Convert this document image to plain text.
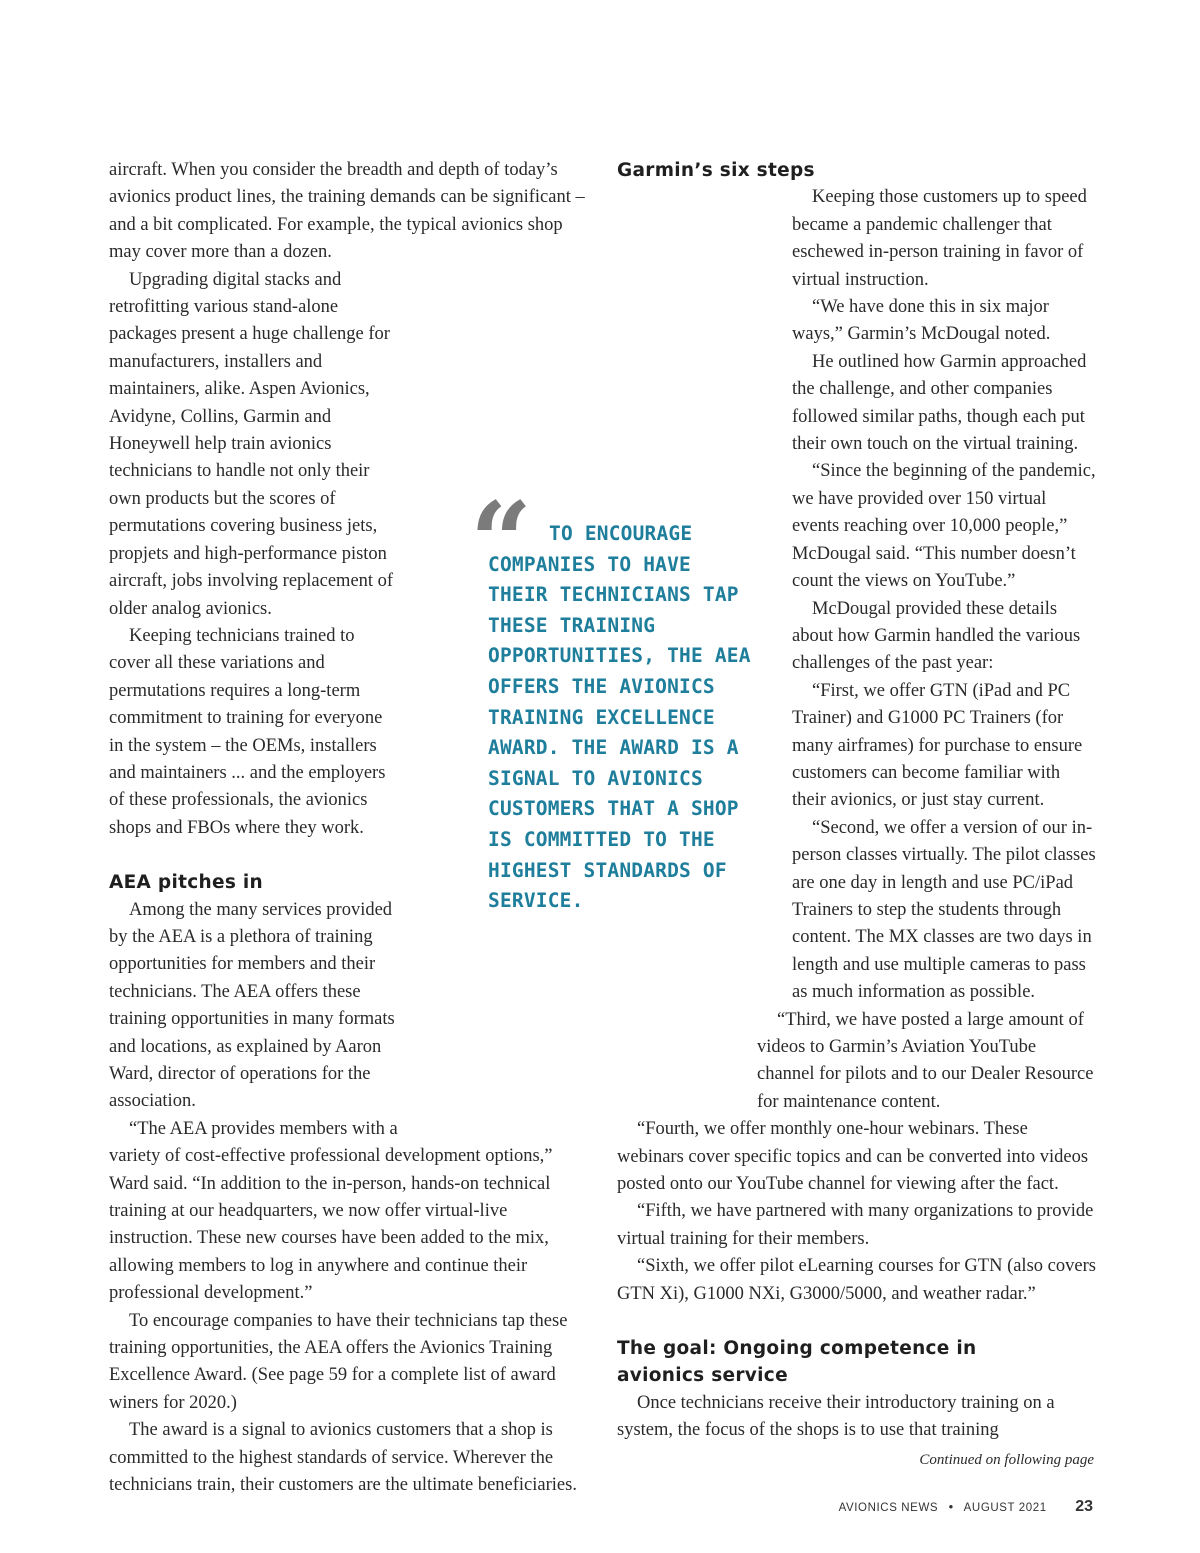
aircraft. When you consider the breadth and depth of today’s avionics product lines, the training demands can be significant – and a bit complicated. For example, the typical avionics shop may cover more than a dozen.

Upgrading digital stacks and retrofitting various stand-alone packages present a huge challenge for manufacturers, installers and maintainers, alike. Aspen Avionics, Avidyne, Collins, Garmin and Honeywell help train avionics technicians to handle not only their own products but the scores of permutations covering business jets, propjets and high-performance piston aircraft, jobs involving replacement of older analog avionics.

Keeping technicians trained to cover all these variations and permutations requires a long-term commitment to training for everyone in the system – the OEMs, installers and maintainers ... and the employers of these professionals, the avionics shops and FBOs where they work.

AEA pitches in

Among the many services provided by the AEA is a plethora of training opportunities for members and their technicians. The AEA offers these training opportunities in many formats and locations, as explained by Aaron Ward, director of operations for the association.

“The AEA provides members with a variety of cost-effective professional development options,” Ward said. “In addition to the in-person, hands-on technical training at our headquarters, we now offer virtual-live instruction. These new courses have been added to the mix, allowing members to log in anywhere and continue their professional development.”

To encourage companies to have their technicians tap these training opportunities, the AEA offers the Avionics Training Excellence Award. (See page 59 for a complete list of award winers for 2020.)

The award is a signal to avionics customers that a shop is committed to the highest standards of service. Wherever the technicians train, their customers are the ultimate beneficiaries.

“ TO ENCOURAGE COMPANIES TO HAVE THEIR TECHNICIANS TAP THESE TRAINING OPPORTUNITIES, THE AEA OFFERS THE AVIONICS TRAINING EXCELLENCE AWARD. THE AWARD IS A SIGNAL TO AVIONICS CUSTOMERS THAT A SHOP IS COMMITTED TO THE HIGHEST STANDARDS OF SERVICE.
Garmin’s six steps

Keeping those customers up to speed became a pandemic challenger that eschewed in-person training in favor of virtual instruction.

“We have done this in six major ways,” Garmin’s McDougal noted.

He outlined how Garmin approached the challenge, and other companies followed similar paths, though each put their own touch on the virtual training.

“Since the beginning of the pandemic, we have provided over 150 virtual events reaching over 10,000 people,” McDougal said. “This number doesn’t count the views on YouTube.”

McDougal provided these details about how Garmin handled the various challenges of the past year:

“First, we offer GTN (iPad and PC Trainer) and G1000 PC Trainers (for many airframes) for purchase to ensure customers can become familiar with their avionics, or just stay current.

“Second, we offer a version of our in-person classes virtually. The pilot classes are one day in length and use PC/iPad Trainers to step the students through content. The MX classes are two days in length and use multiple cameras to pass as much information as possible.

“Third, we have posted a large amount of videos to Garmin’s Aviation YouTube channel for pilots and to our Dealer Resource for maintenance content.

“Fourth, we offer monthly one-hour webinars. These webinars cover specific topics and can be converted into videos posted onto our YouTube channel for viewing after the fact.

“Fifth, we have partnered with many organizations to provide virtual training for their members.

“Sixth, we offer pilot eLearning courses for GTN (also covers GTN Xi), G1000 NXi, G3000/5000, and weather radar.”

The goal: Ongoing competence in avionics service

Once technicians receive their introductory training on a system, the focus of the shops is to use that training

Continued on following page
AVIONICS NEWS • AUGUST 2021 23
